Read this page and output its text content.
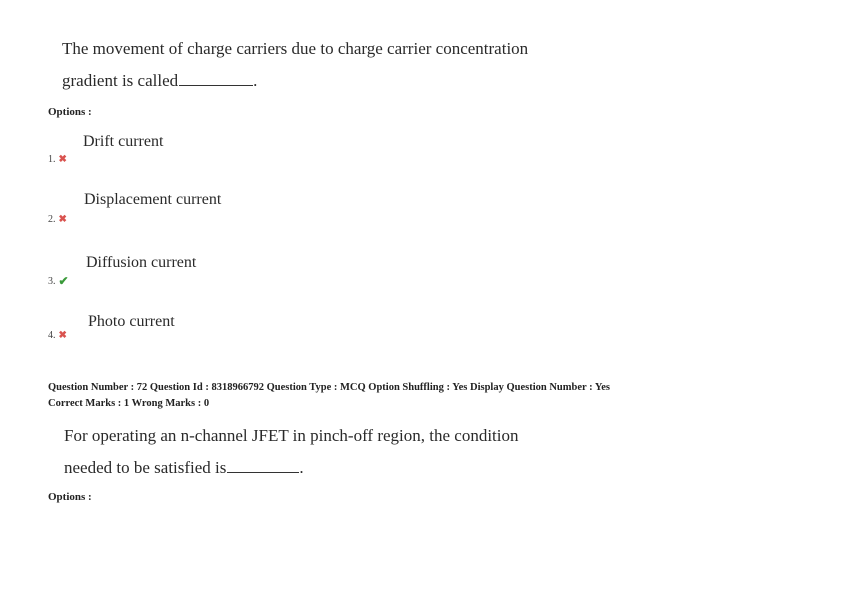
The movement of charge carriers due to charge carrier concentration
gradient is called	.
Options :
Drift current
1. ✖
Displacement current
2. ✖
Diffusion current
3. ✔
Photo current
4. ✖
Question Number : 72 Question Id : 8318966792 Question Type : MCQ Option Shuffling : Yes Display Question Number : Yes
Correct Marks : 1 Wrong Marks : 0
For operating an n-channel JFET in pinch-off region, the condition
needed to be satisfied is	.
Options :
